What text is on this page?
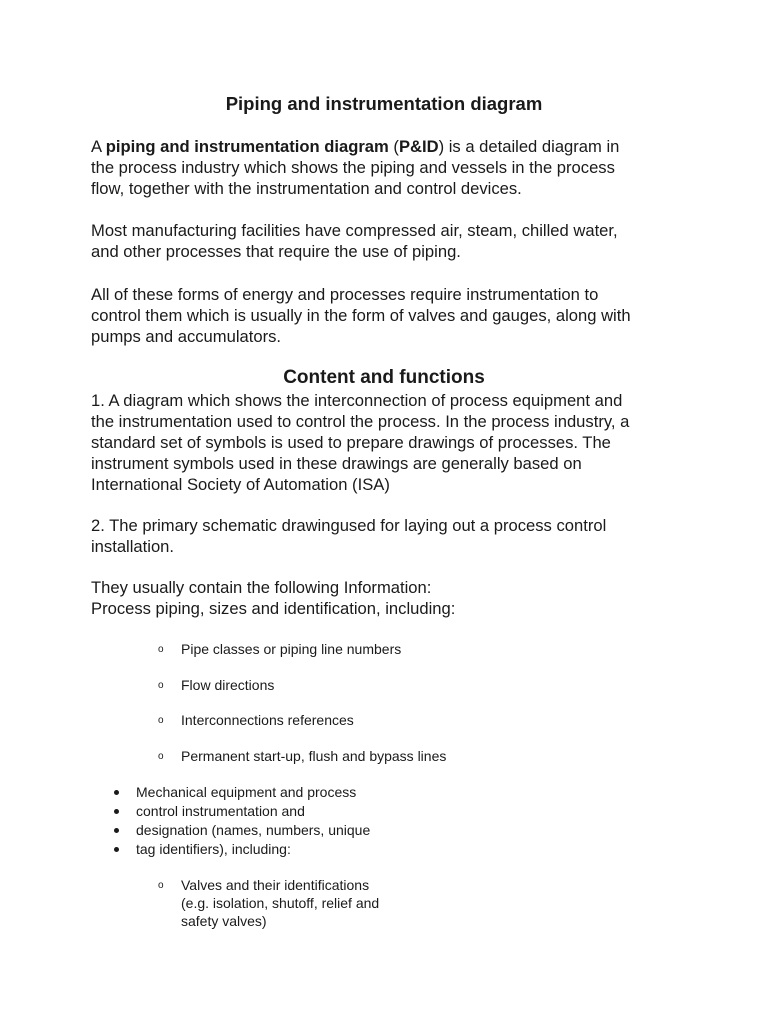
Piping and instrumentation diagram
A piping and instrumentation diagram (P&ID) is a detailed diagram in
the process industry which shows the piping and vessels in the process
flow, together with the instrumentation and control devices.
Most manufacturing facilities have compressed air, steam, chilled water,
and other processes that require the use of piping.
All of these forms of energy and processes require instrumentation to
control them which is usually in the form of valves and gauges, along with
pumps and accumulators.
Content and functions
1. A diagram which shows the interconnection of process equipment and
the instrumentation used to control the process. In the process industry, a
standard set of symbols is used to prepare drawings of processes. The
instrument symbols used in these drawings are generally based on
International Society of Automation (ISA)
2. The primary schematic drawingused for laying out a process control
installation.
They usually contain the following Information:
Process piping, sizes and identification, including:
o Pipe classes or piping line numbers
o Flow directions
o Interconnections references
o Permanent start-up, flush and bypass lines
Mechanical equipment and process
control instrumentation and
designation (names, numbers, unique
tag identifiers), including:
o Valves and their identifications
(e.g. isolation, shutoff, relief and
safety valves)
